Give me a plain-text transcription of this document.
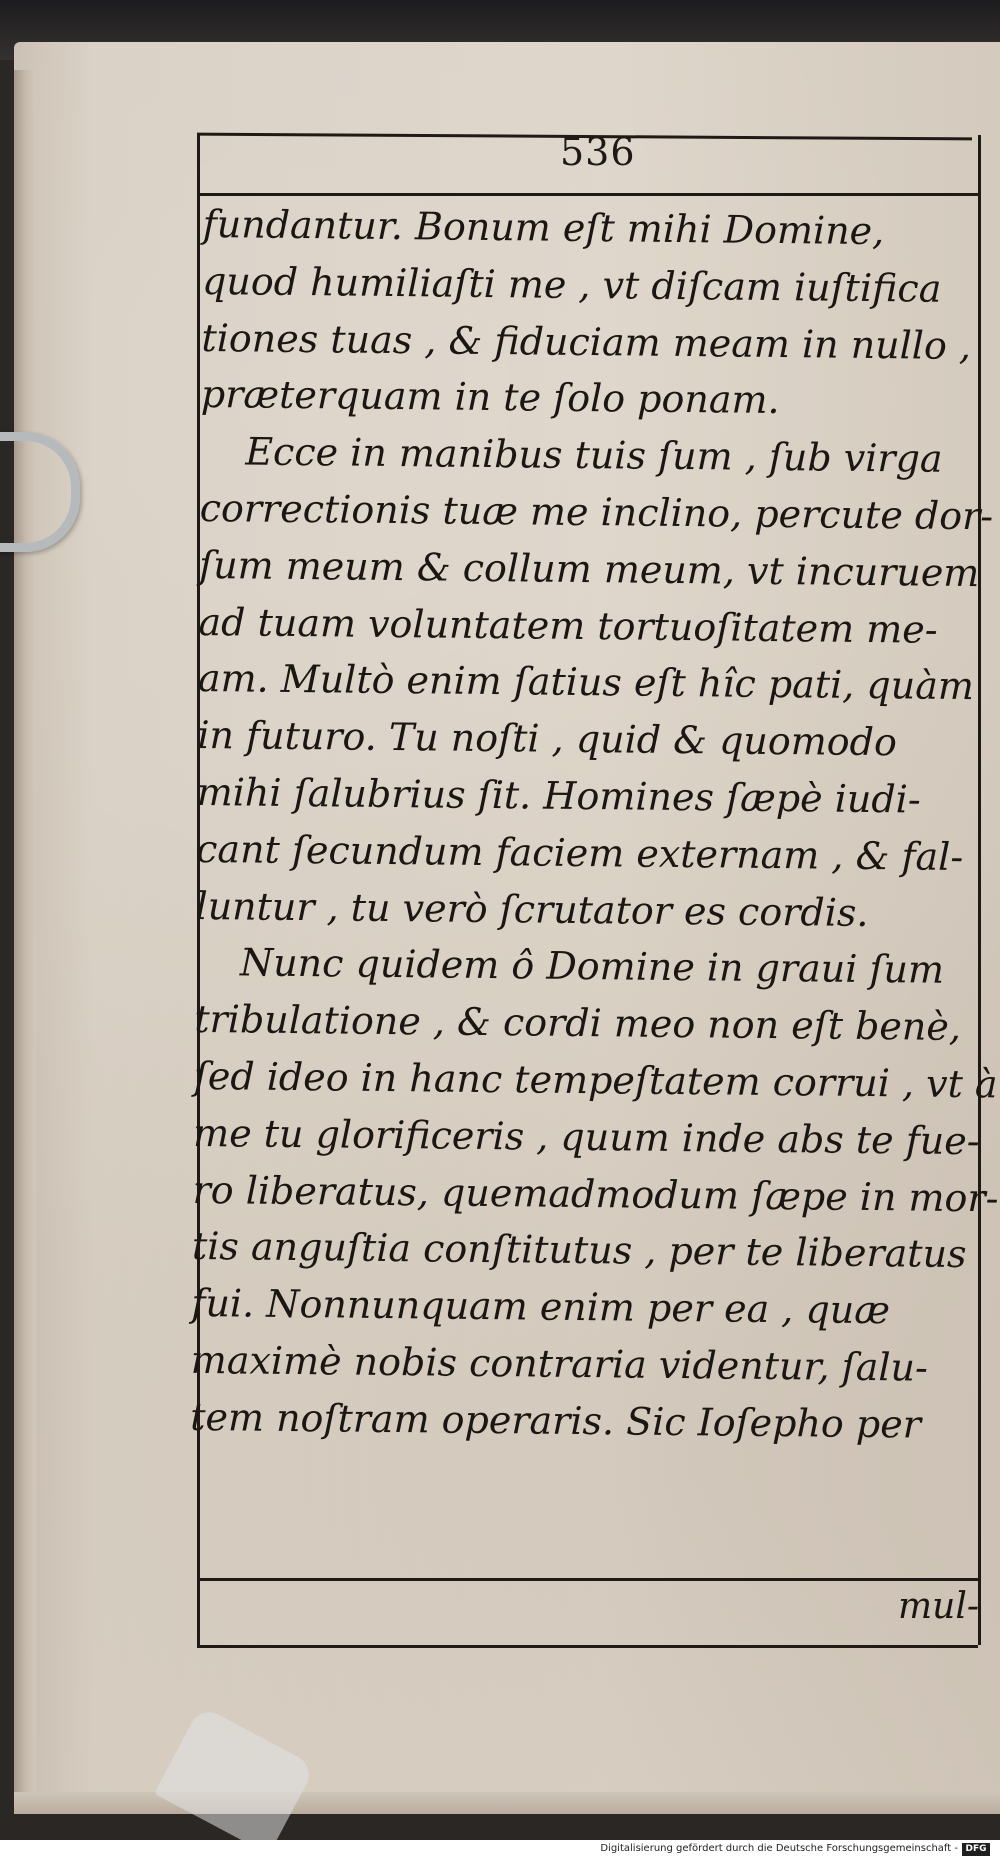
536
fundantur. Bonum eſt mihi Domine,
quod humiliaſti me , vt diſcam iuſtifica
tiones tuas , & fiduciam meam in nullo ,
præterquam in te ſolo ponam.
Ecce in manibus tuis ſum , ſub virga
correctionis tuæ me inclino, percute dor-
ſum meum & collum meum, vt incuruem
ad tuam voluntatem tortuoſitatem me-
am. Multò enim ſatius eſt hîc pati, quàm
in futuro. Tu noſti , quid & quomodo
mihi ſalubrius ſit. Homines ſæpè iudi-
cant ſecundum faciem externam , & fal-
luntur , tu verò ſcrutator es cordis.
Nunc quidem ô Domine in graui ſum
tribulatione , & cordi meo non eſt benè,
ſed ideo in hanc tempeſtatem corrui , vt à
me tu glorificeris , quum inde abs te fue-
ro liberatus, quemadmodum ſæpe in mor-
tis anguſtia conſtitutus , per te liberatus
fui. Nonnunquam enim per ea , quæ
maximè nobis contraria videntur, ſalu-
tem noſtram operaris. Sic Ioſepho per
mul-
Digitalisierung gefördert durch die Deutsche Forschungsgemeinschaft - DFG
